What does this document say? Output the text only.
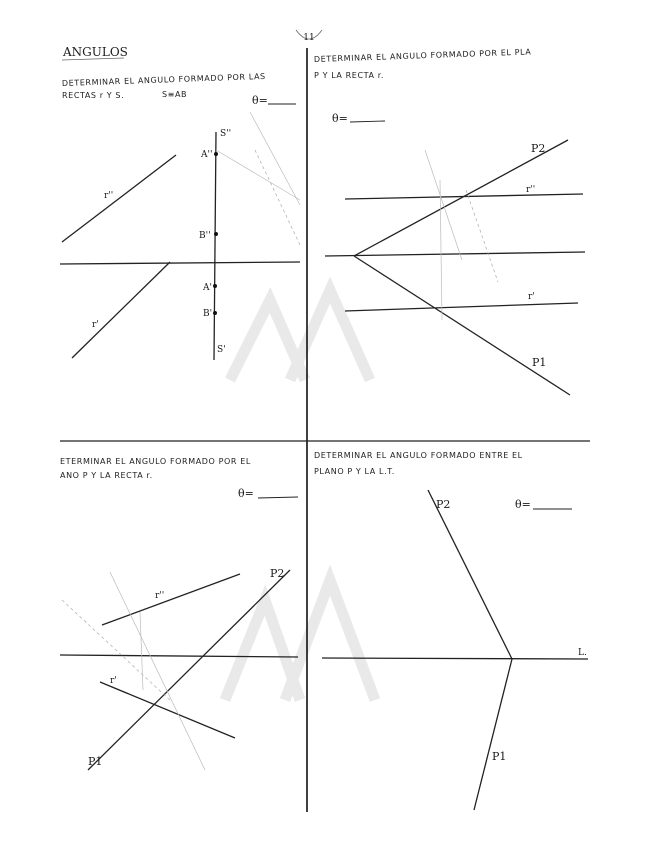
11
ANGULOS
DETERMINAR EL ANGULO FORMADO POR LAS
RECTAS r Y S.	S≡AB	θ=
S''
A''
B''
A'
B'
S'
r''
r'
DETERMINAR EL ANGULO FORMADO POR EL PLA
P Y LA RECTA r.
θ=
P2
r''
r'
P1
ETERMINAR EL ANGULO FORMADO POR EL
ANO P Y LA RECTA r.
θ=
P2
r''
r'
P1
DETERMINAR EL ANGULO FORMADO ENTRE EL
PLANO P Y LA L.T.
θ=
P2
P1
L.
